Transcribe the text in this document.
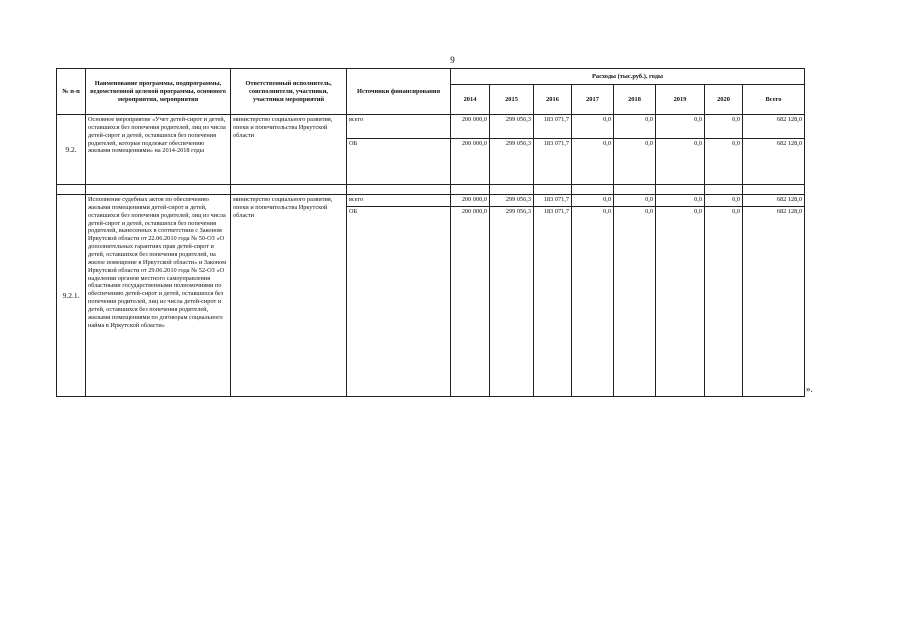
9
№ п-п	Наименование программы, подпрограммы, ведомственной целевой программы, основного мероприятия, мероприятия	Ответственный исполнитель, соисполнители, участники, участники мероприятий	Источники финансирования	Расходы (тыс.руб.), годы							
				2014	2015	2016	2017	2018	2019	2020	Всего
9.2.	Основное мероприятие «Учет детей-сирот и детей, оставшихся без попечения родителей, лиц из числа детей-сирот и детей, оставшихся без попечения родителей, которые подлежат обеспечению жилыми помещениями» на 2014-2018 годы	министерство социального развития, опеки и попечительства Иркутской области	всего	200 000,0	299 056,3	183 071,7	0,0	0,0	0,0	0,0	682 128,0
			ОБ	200 000,0	299 056,3	183 071,7	0,0	0,0	0,0	0,0	682 128,0

9.2.1.	Исполнение судебных актов по обеспечению жилыми помещениями детей-сирот и детей, оставшихся без попечения родителей, лиц из числа детей-сирот и детей, оставшихся без попечения родителей, вынесенных в соответствии с Законом Иркутской области от 22.06.2010 года № 50-ОЗ «О дополнительных гарантиях прав детей-сирот и детей, оставшихся без попечения родителей, на жилое помещение в Иркутской области» и Законом Иркутской области от 29.06.2010 года № 52-ОЗ «О наделении органов местного самоуправления областными государственными полномочиями по обеспечению детей-сирот и детей, оставшихся без попечения родителей, лиц из числа детей-сирот и детей, оставшихся без попечения родителей, жилыми помещениями по договорам социального найма в Иркутской области»	министерство социального развития, опеки и попечительства Иркутской области	всего	200 000,0	299 056,3	183 071,7	0,0	0,0	0,0	0,0	682 128,0
			ОБ	200 000,0	299 056,3	183 071,7	0,0	0,0	0,0	0,0	682 128,0
».
